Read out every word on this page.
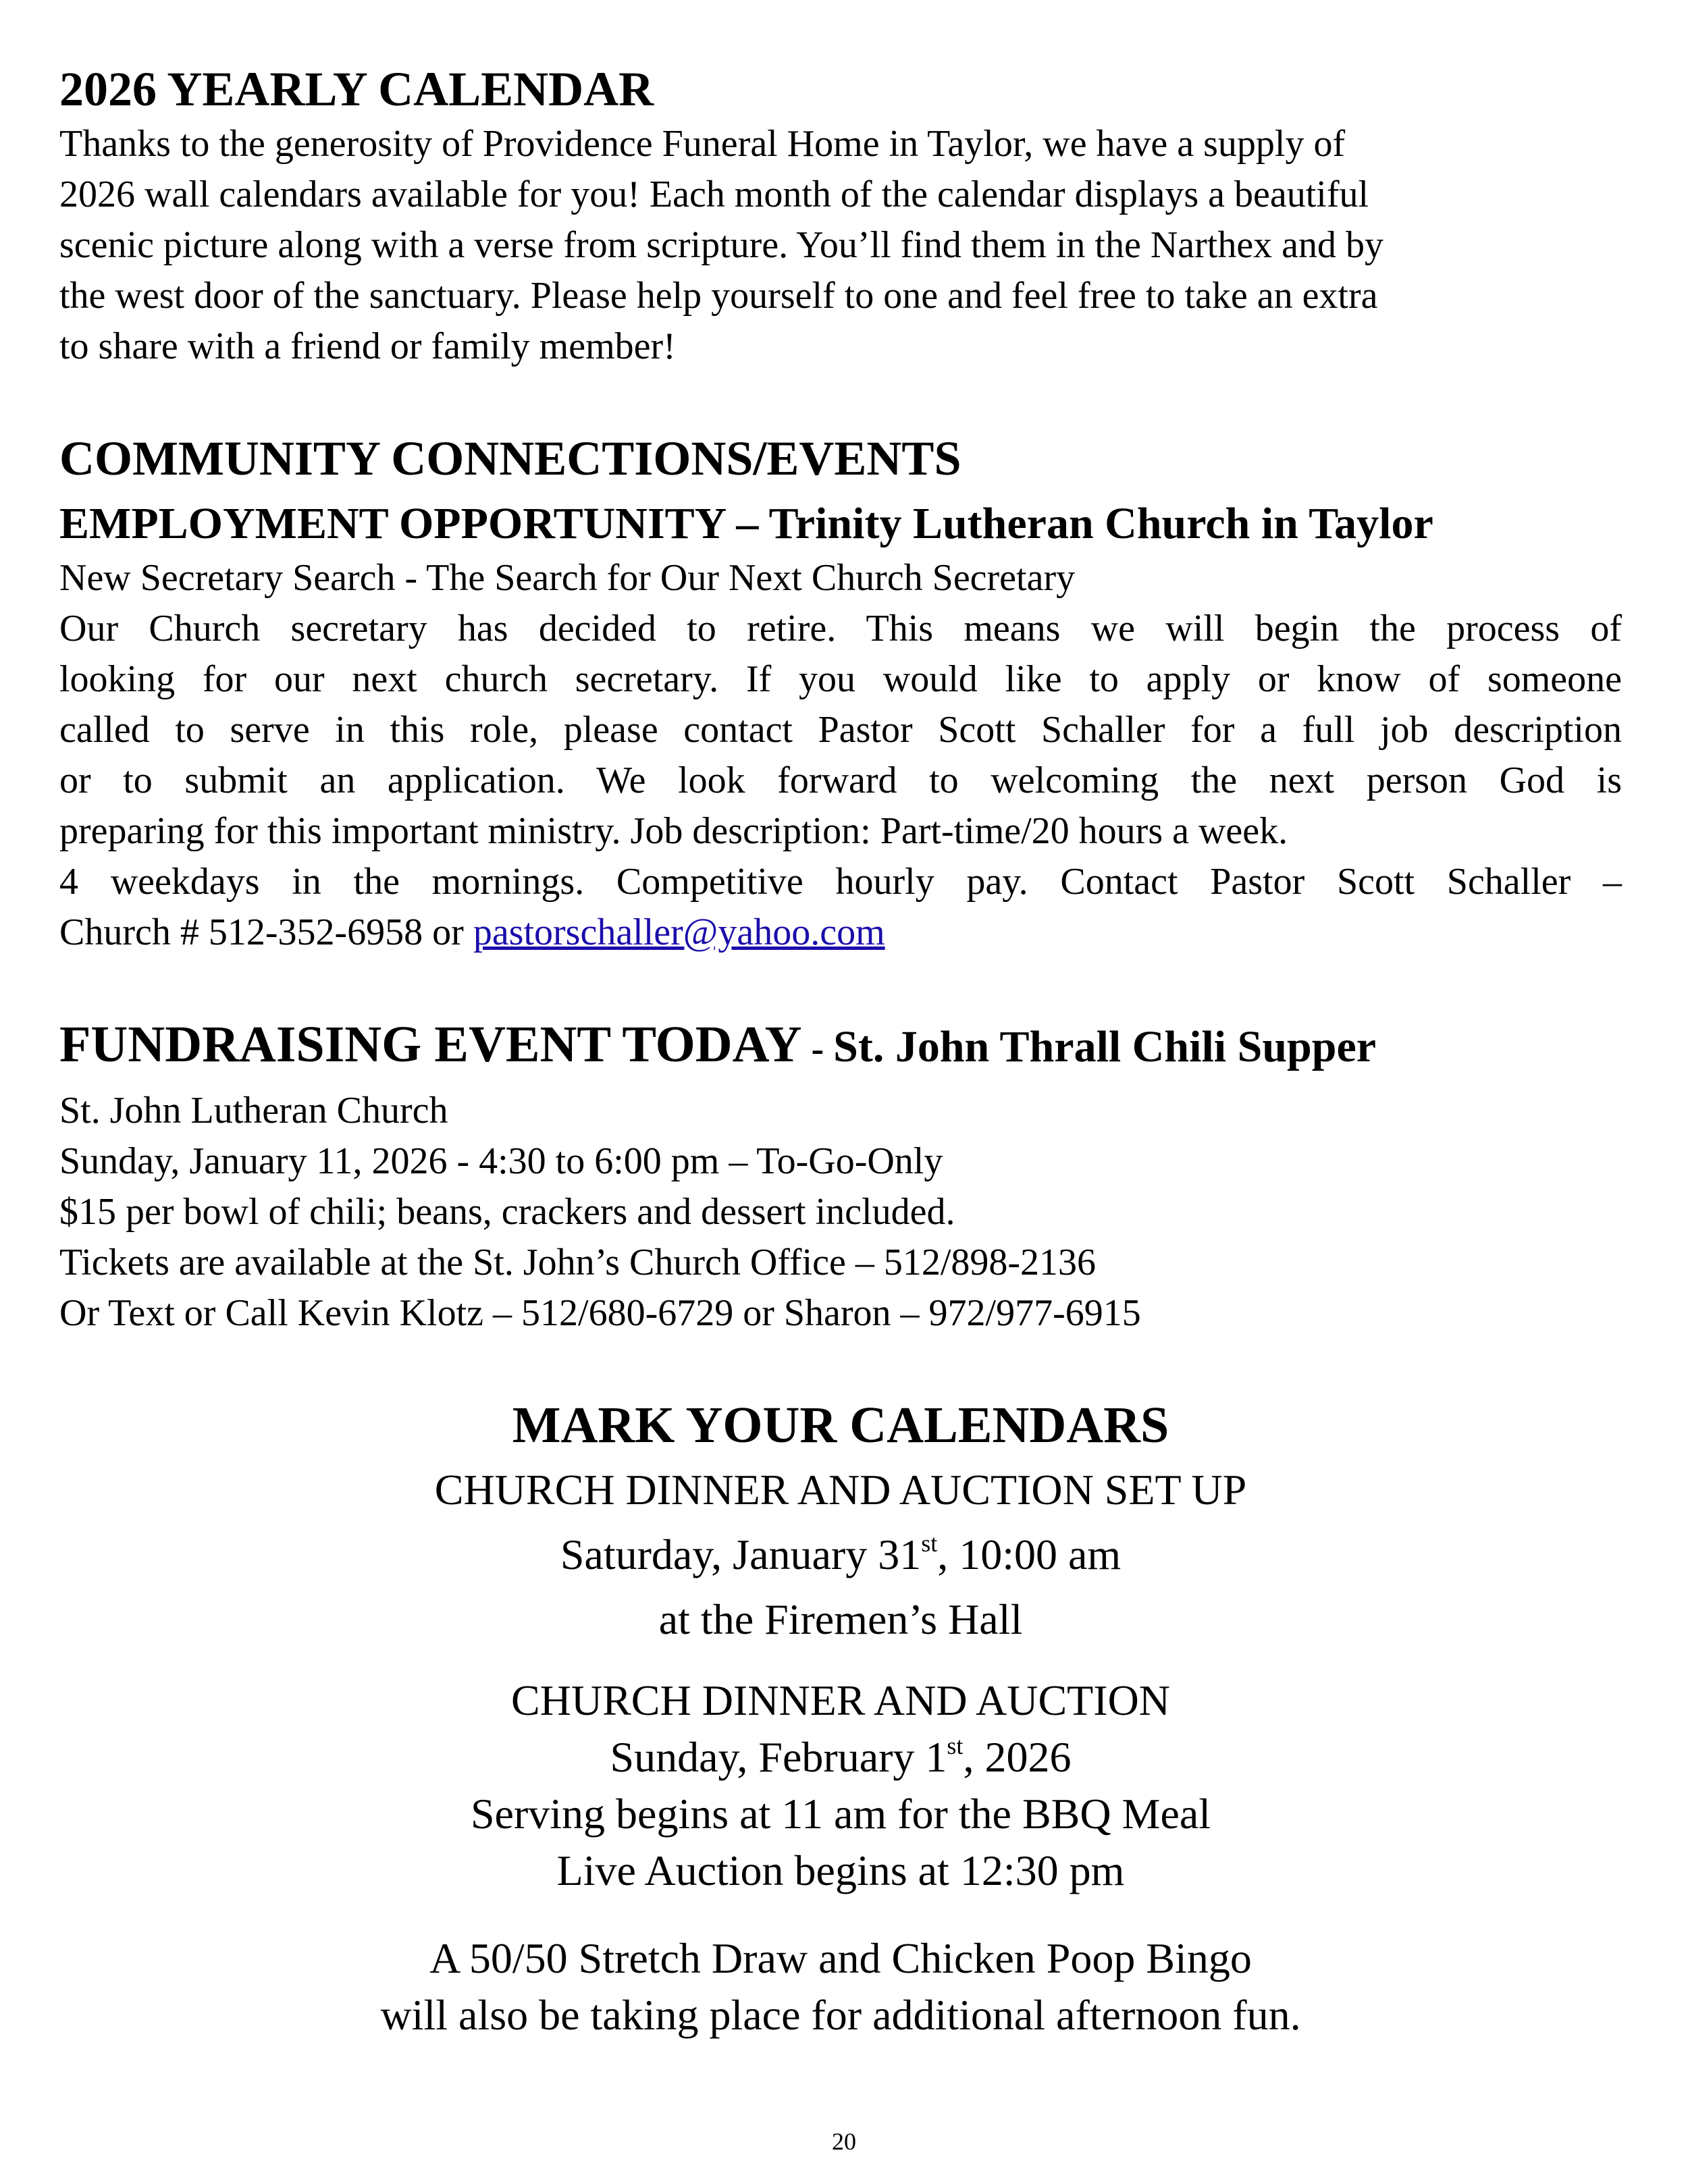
2026 YEARLY CALENDAR

Thanks to the generosity of Providence Funeral Home in Taylor, we have a supply of

2026 wall calendars available for you! Each month of the calendar displays a beautiful

scenic picture along with a verse from scripture. You’ll find them in the Narthex and by

the west door of the sanctuary. Please help yourself to one and feel free to take an extra

to share with a friend or family member!

COMMUNITY CONNECTIONS/EVENTS
EMPLOYMENT OPPORTUNITY – Trinity Lutheran Church in Taylor

New Secretary Search - The Search for Our Next Church Secretary

Our Church secretary has decided to retire. This means we will begin the process of

looking for our next church secretary. If you would like to apply or know of someone

called to serve in this role, please contact Pastor Scott Schaller for a full job description

or to submit an application. We look forward to welcoming the next person God is

preparing for this important ministry. Job description: Part-time/20 hours a week.

4 weekdays in the mornings. Competitive hourly pay. Contact Pastor Scott Schaller –

Church # 512-352-6958 or pastorschaller@yahoo.com

FUNDRAISING EVENT TODAY - St. John Thrall Chili Supper

St. John Lutheran Church

Sunday, January 11, 2026 - 4:30 to 6:00 pm – To-Go-Only

$15 per bowl of chili; beans, crackers and dessert included.

Tickets are available at the St. John’s Church Office – 512/898-2136

Or Text or Call Kevin Klotz – 512/680-6729 or Sharon – 972/977-6915

MARK YOUR CALENDARS

CHURCH DINNER AND AUCTION SET UP

Saturday, January 31st, 10:00 am

at the Firemen’s Hall

CHURCH DINNER AND AUCTION

Sunday, February 1st, 2026

Serving begins at 11 am for the BBQ Meal

Live Auction begins at 12:30 pm

A 50/50 Stretch Draw and Chicken Poop Bingo

will also be taking place for additional afternoon fun.

20
